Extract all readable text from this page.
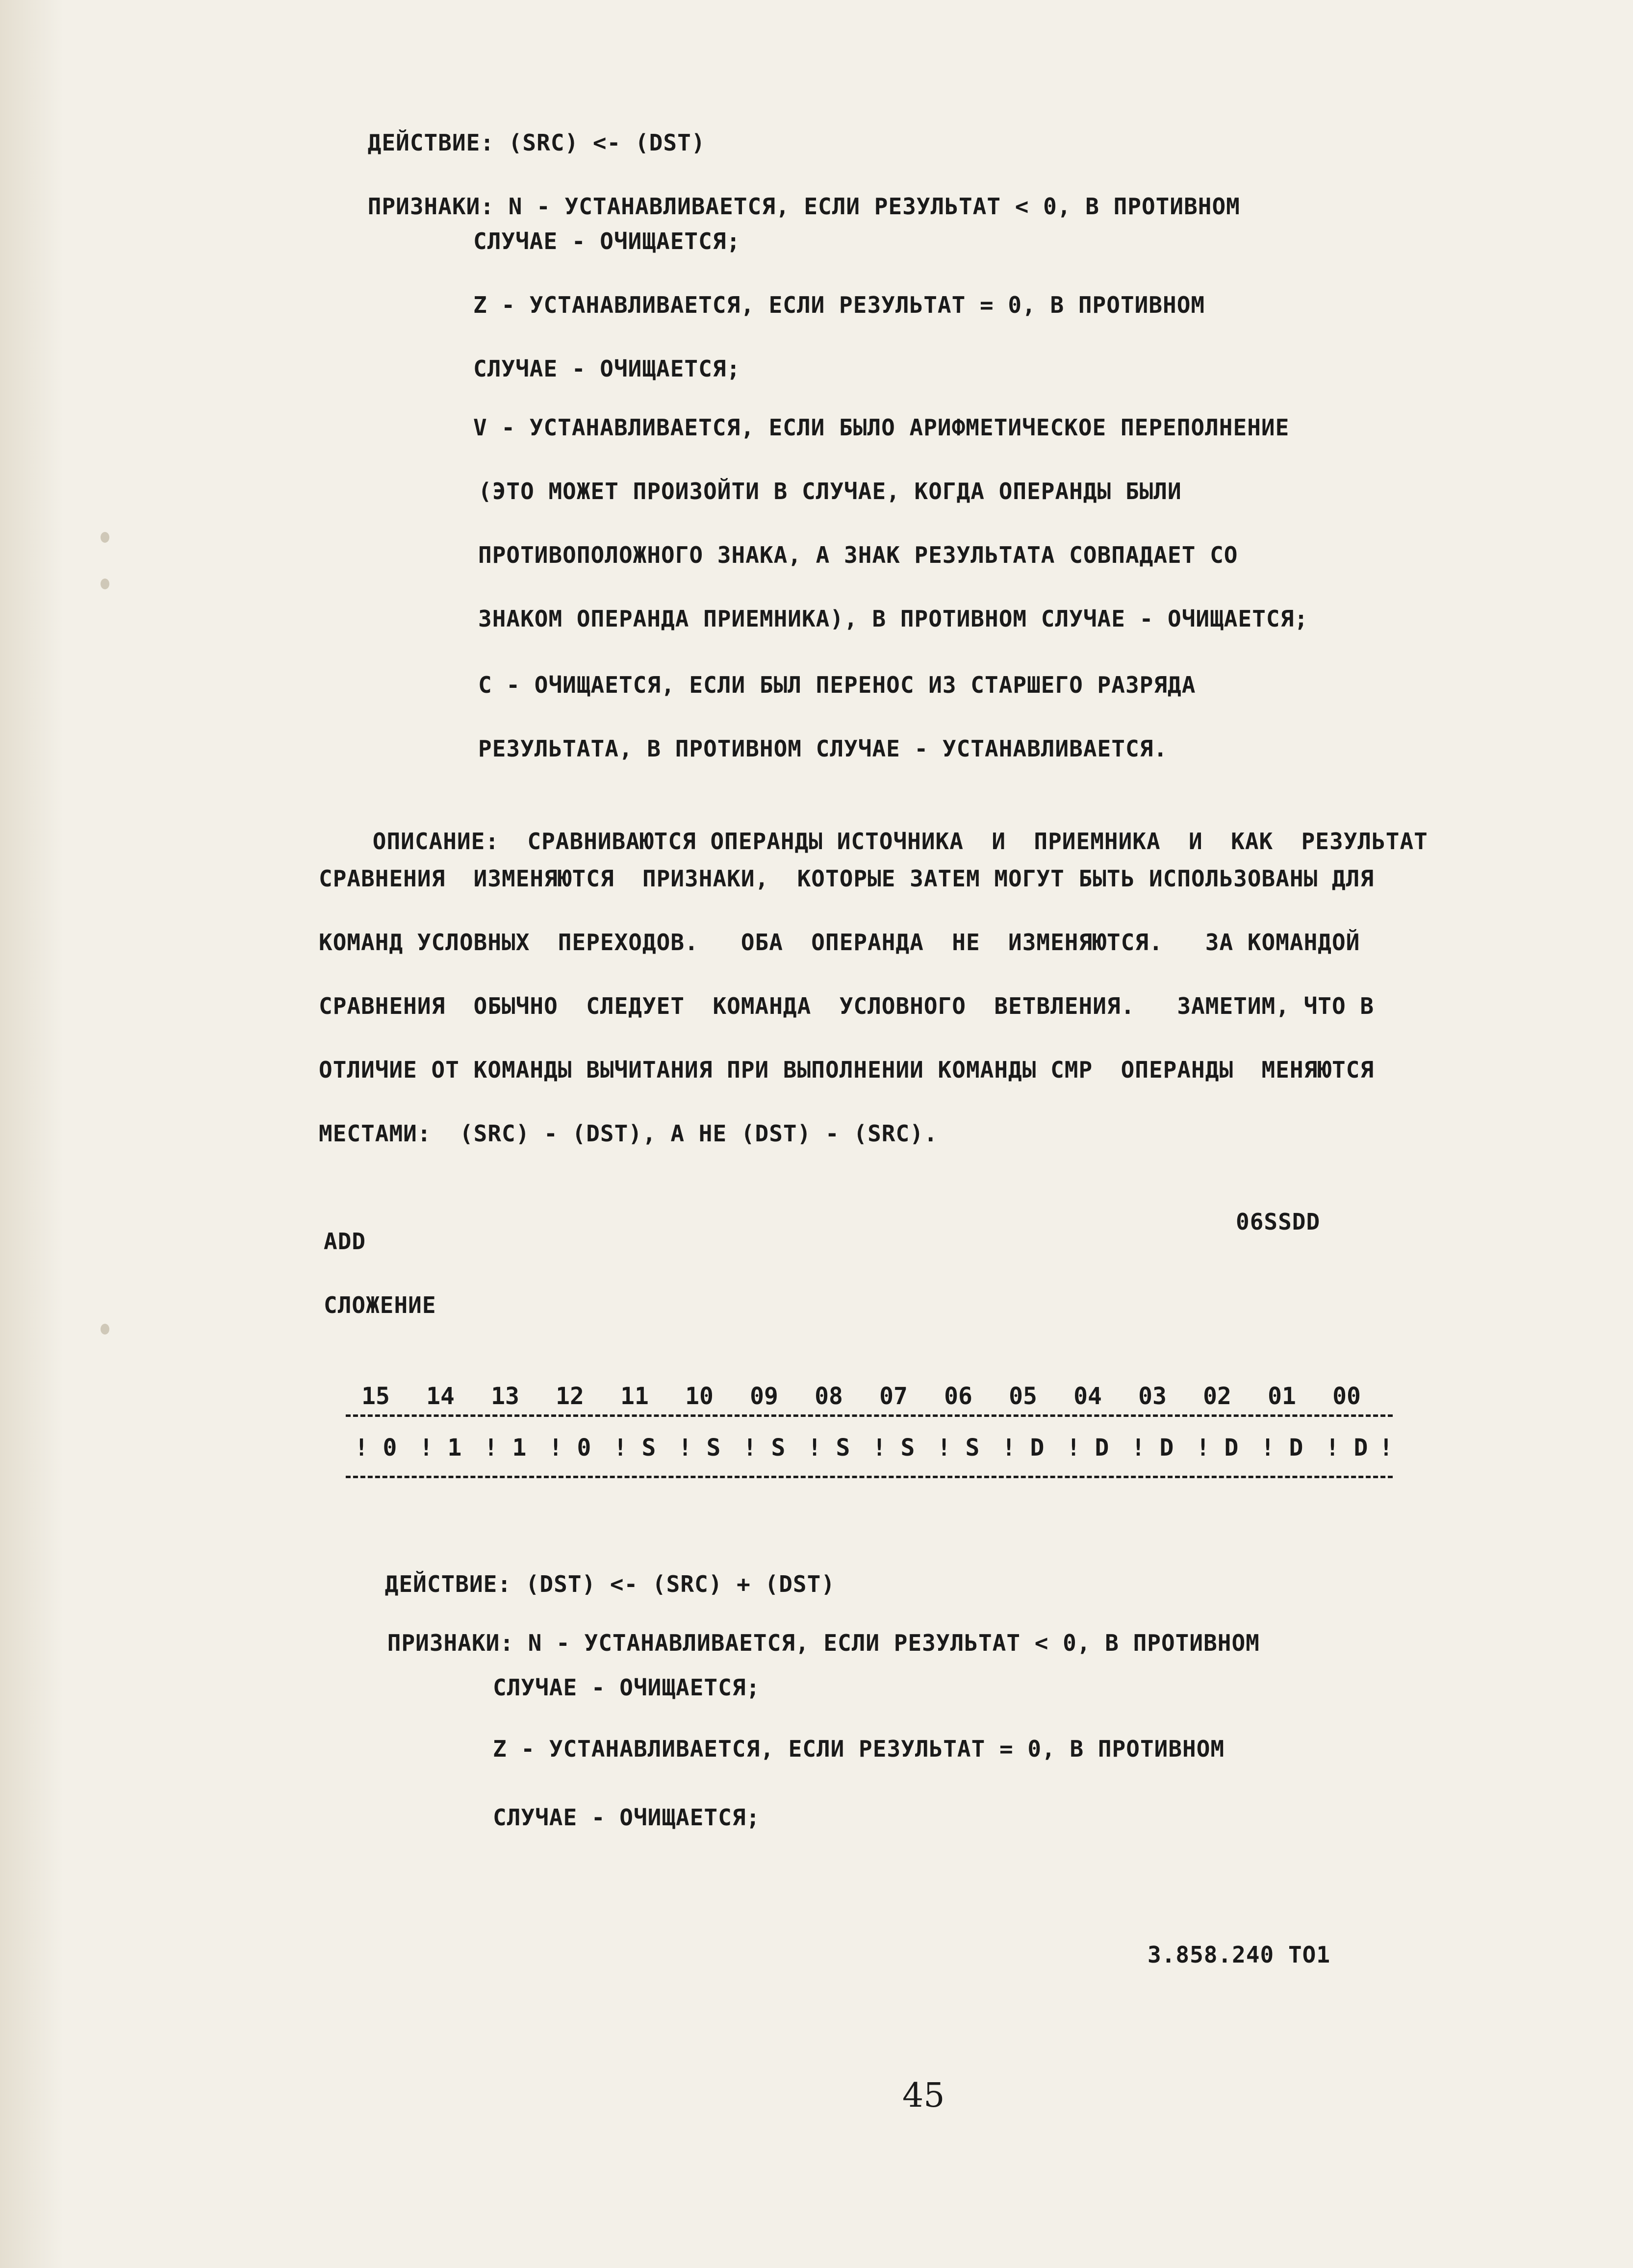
ДЕЙСТВИЕ: (SRC) <- (DST)

ПРИЗНАКИ: N - УСТАНАВЛИВАЕТСЯ, ЕСЛИ РЕЗУЛЬТАТ < 0, В ПРОТИВНОМ

СЛУЧАЕ - ОЧИЩАЕТСЯ;
Z - УСТАНАВЛИВАЕТСЯ, ЕСЛИ РЕЗУЛЬТАТ = 0, В ПРОТИВНОМ
СЛУЧАЕ - ОЧИЩАЕТСЯ;
V - УСТАНАВЛИВАЕТСЯ, ЕСЛИ БЫЛО АРИФМЕТИЧЕСКОЕ ПЕРЕПОЛНЕНИЕ
(ЭТО МОЖЕТ ПРОИЗОЙТИ В СЛУЧАЕ, КОГДА ОПЕРАНДЫ БЫЛИ
ПРОТИВОПОЛОЖНОГО ЗНАКА, А ЗНАК РЕЗУЛЬТАТА СОВПАДАЕТ СО
ЗНАКОМ ОПЕРАНДА ПРИЕМНИКА), В ПРОТИВНОМ СЛУЧАЕ - ОЧИЩАЕТСЯ;
C - ОЧИЩАЕТСЯ, ЕСЛИ БЫЛ ПЕРЕНОС ИЗ СТАРШЕГО РАЗРЯДА
РЕЗУЛЬТАТА, В ПРОТИВНОМ СЛУЧАЕ - УСТАНАВЛИВАЕТСЯ.

ОПИСАНИЕ: СРАВНИВАЮТСЯ ОПЕРАНДЫ ИСТОЧНИКА  И  ПРИЕМНИКА  И  КАК  РЕЗУЛЬТАТ

СРАВНЕНИЯ  ИЗМЕНЯЮТСЯ  ПРИЗНАКИ,  КОТОРЫЕ ЗАТЕМ МОГУТ БЫТЬ ИСПОЛЬЗОВАНЫ ДЛЯ
КОМАНД УСЛОВНЫХ  ПЕРЕХОДОВ.   ОБА  ОПЕРАНДА  НЕ  ИЗМЕНЯЮТСЯ.   ЗА КОМАНДОЙ
СРАВНЕНИЯ  ОБЫЧНО  СЛЕДУЕТ  КОМАНДА  УСЛОВНОГО  ВЕТВЛЕНИЯ.   ЗАМЕТИМ, ЧТО В
ОТЛИЧИЕ ОТ КОМАНДЫ ВЫЧИТАНИЯ ПРИ ВЫПОЛНЕНИИ КОМАНДЫ CMP  ОПЕРАНДЫ  МЕНЯЮТСЯ
МЕСТАМИ:  (SRC) - (DST), А НЕ (DST) - (SRC).
ADD
06SSDD
СЛОЖЕНИЕ
15 14 13 12 11 10 09 08 07 06 05 04 03 02 01 00
! 0 ! 1 ! 1 ! 0 ! S ! S ! S ! S ! S ! S ! D ! D ! D ! D ! D ! D !

ДЕЙСТВИЕ: (DST) <- (SRC) + (DST)

ПРИЗНАКИ: N - УСТАНАВЛИВАЕТСЯ, ЕСЛИ РЕЗУЛЬТАТ < 0, В ПРОТИВНОМ

СЛУЧАЕ - ОЧИЩАЕТСЯ;
Z - УСТАНАВЛИВАЕТСЯ, ЕСЛИ РЕЗУЛЬТАТ = 0, В ПРОТИВНОМ
СЛУЧАЕ - ОЧИЩАЕТСЯ;
3.858.240 ТО1
45
